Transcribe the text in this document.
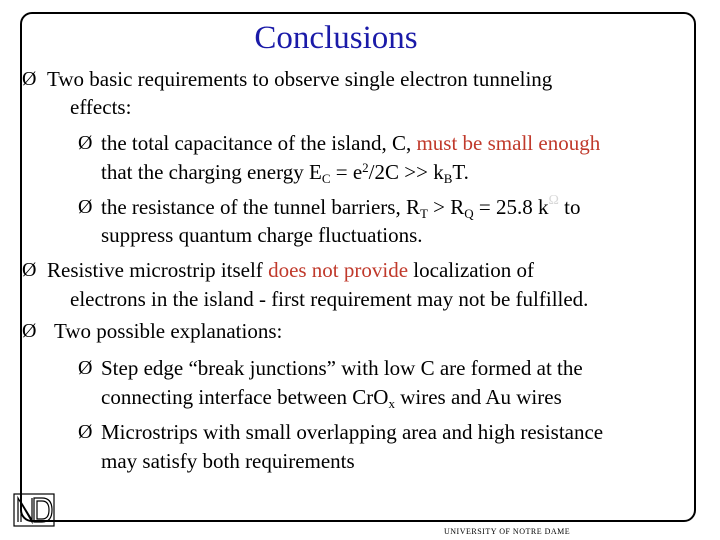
Conclusions
Ø Two basic requirements to observe single electron tunneling
effects:
Ø the total capacitance of the island, C, must be small enough
that the charging energy $E_C = e^2/2C >> k_BT$.
Ø the resistance of the tunnel barriers, $R_T > R_Q = 25.8$ $k^\Omega$ to
suppress quantum charge fluctuations.
Ø Resistive microstrip itself does not provide localization of
electrons in the island - first requirement may not be fulfilled.
Ø Two possible explanations:
Ø Step edge “break junctions” with low C are formed at the
connecting interface between CrO$_x$ wires and Au wires
Ø Microstrips with small overlapping area and high resistance
may satisfy both requirements
UNIVERSITY OF NOTRE DAME
